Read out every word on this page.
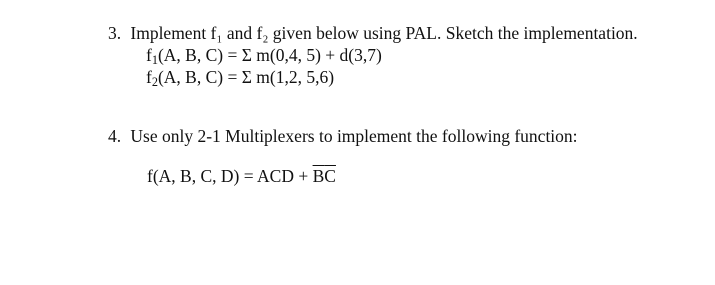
3. Implement f₁ and f₂ given below using PAL. Sketch the implementation.
$f_1(A$, B, C) = Σ m(0,4, 5) + d(3,7)
$f_2(A$, B, C) = Σ m(1,2, 5,6)
4. Use only 2-1 Multiplexers to implement the following function:
f(A, B, C, D) = ACD + $\overline{B}\overline{C}$
